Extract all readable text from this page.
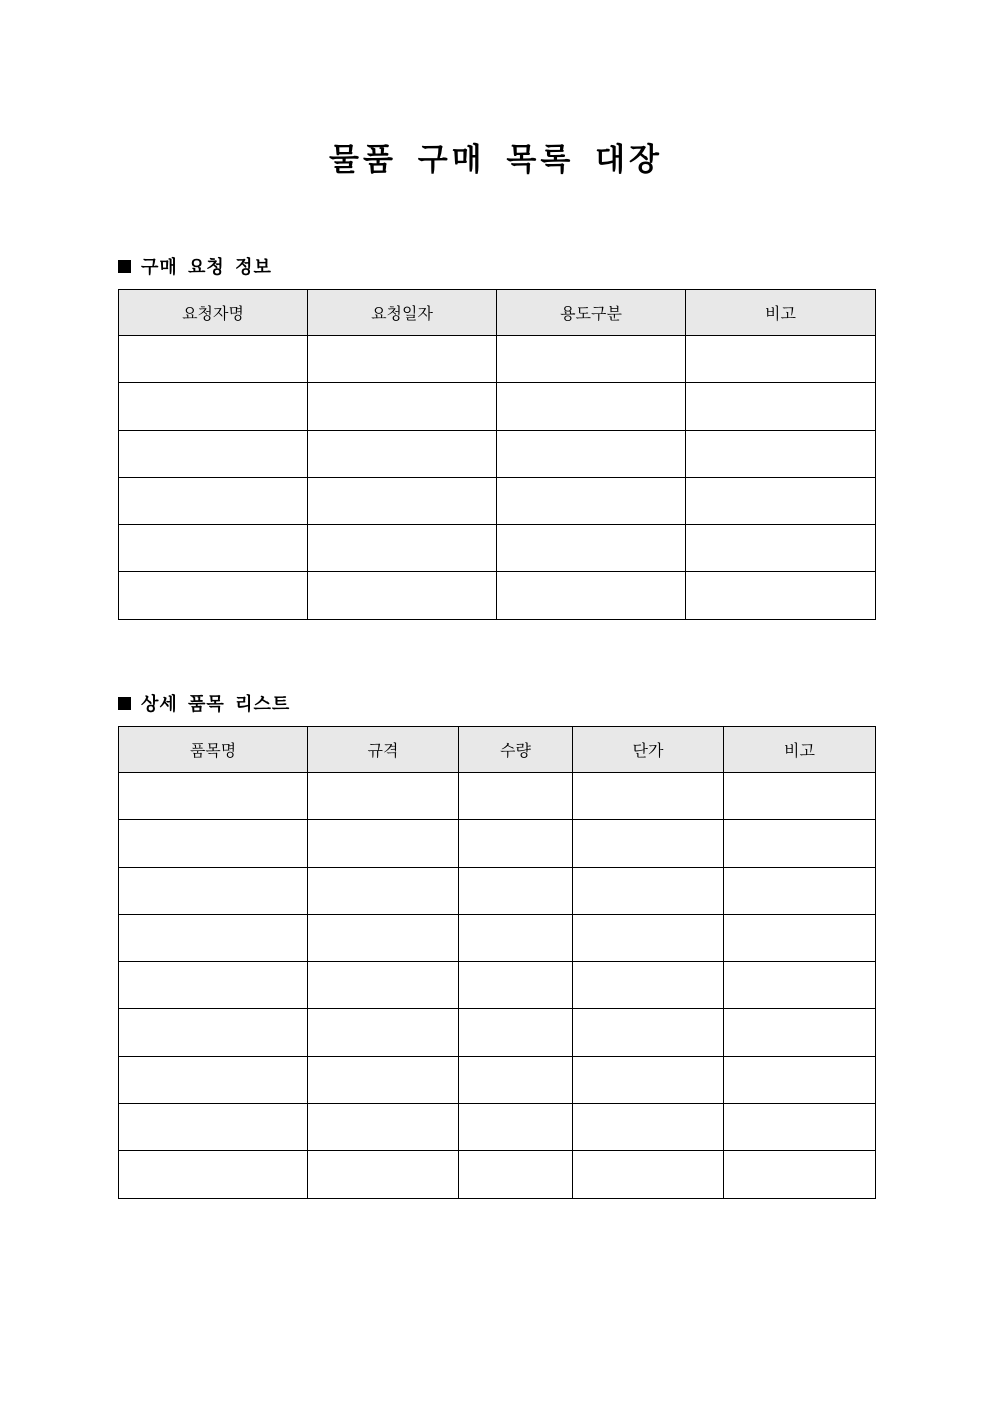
물품 구매 목록 대장
구매 요청 정보
요청자명	요청일자	용도구분	비고

상세 품목 리스트
품목명	규격	수량	단가	비고
